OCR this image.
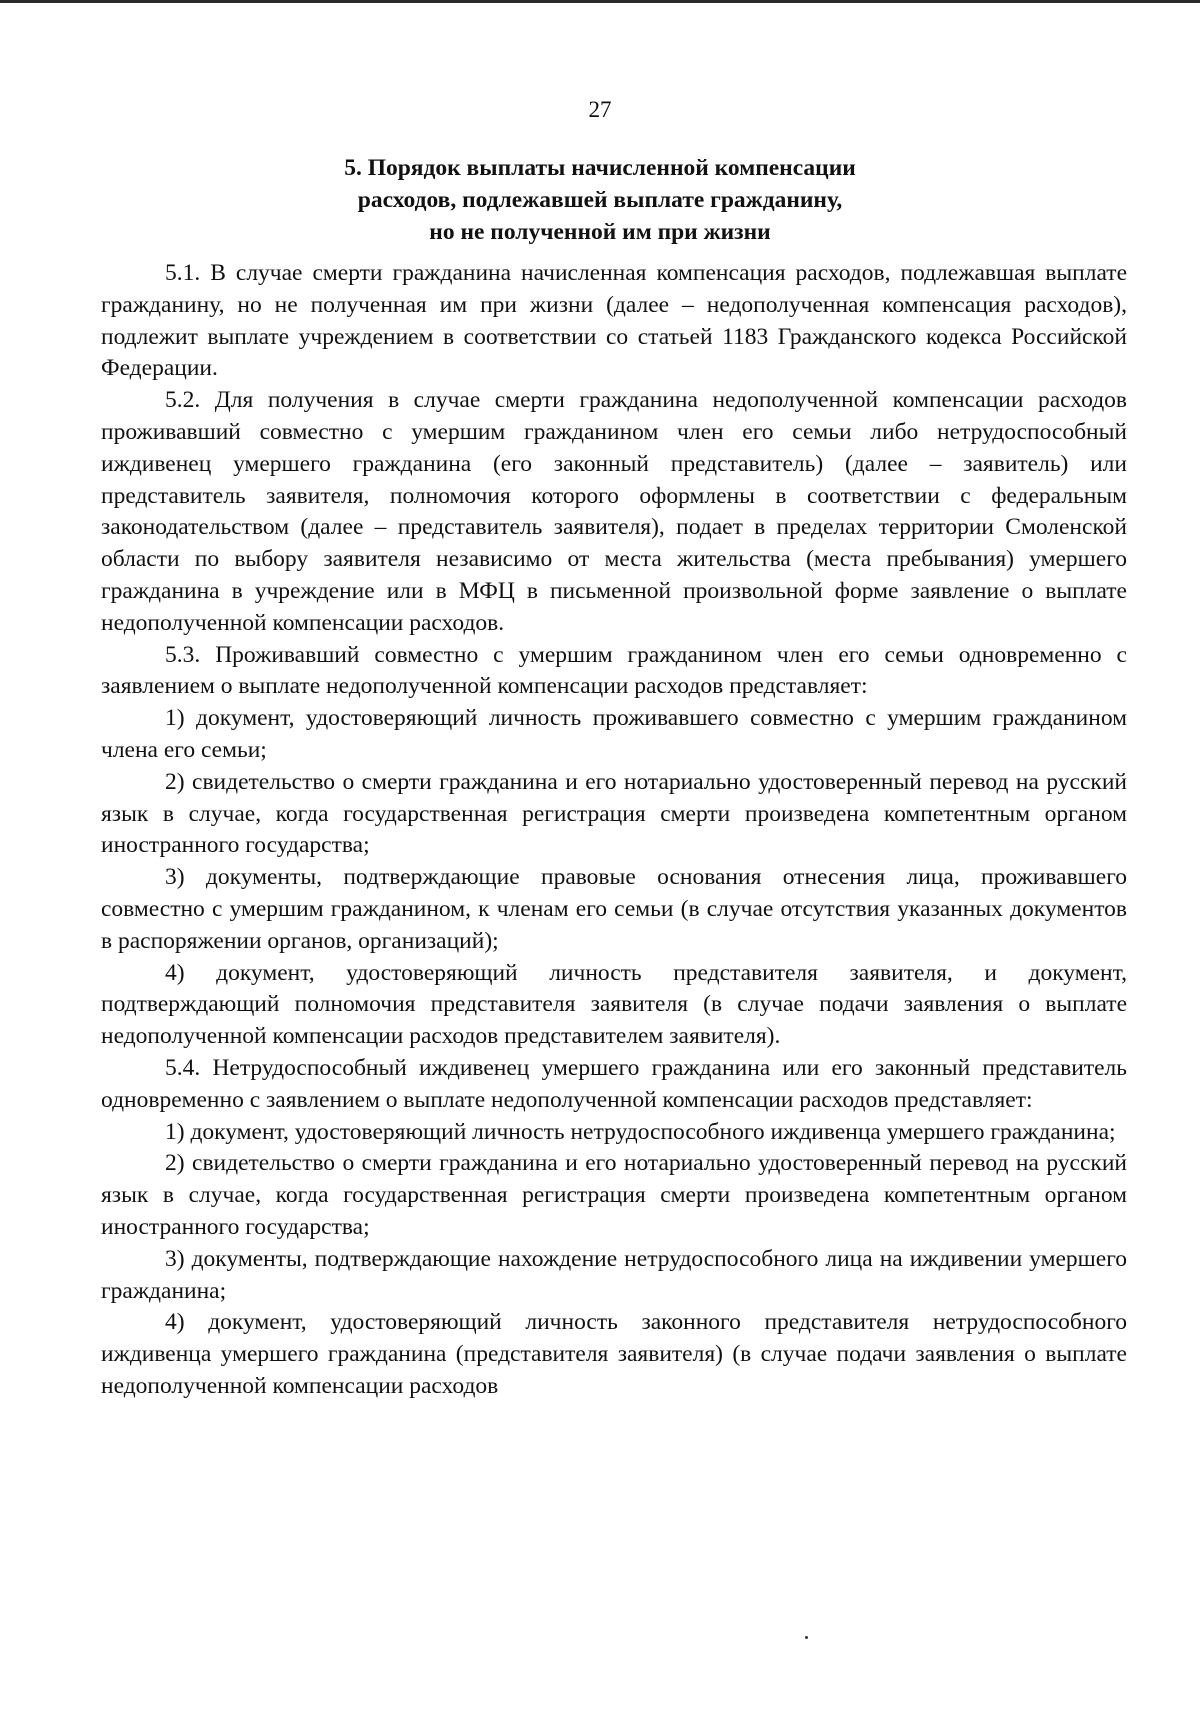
27
5. Порядок выплаты начисленной компенсации
расходов, подлежавшей выплате гражданину,
но не полученной им при жизни

5.1. В случае смерти гражданина начисленная компенсация расходов, подлежавшая выплате гражданину, но не полученная им при жизни (далее – недополученная компенсация расходов), подлежит выплате учреждением в соответствии со статьей 1183 Гражданского кодекса Российской Федерации.

5.2. Для получения в случае смерти гражданина недополученной компенсации расходов проживавший совместно с умершим гражданином член его семьи либо нетрудоспособный иждивенец умершего гражданина (его законный представитель) (далее – заявитель) или представитель заявителя, полномочия которого оформлены в соответствии с федеральным законодательством (далее – представитель заявителя), подает в пределах территории Смоленской области по выбору заявителя независимо от места жительства (места пребывания) умершего гражданина в учреждение или в МФЦ в письменной произвольной форме заявление о выплате недополученной компенсации расходов.

5.3. Проживавший совместно с умершим гражданином член его семьи одновременно с заявлением о выплате недополученной компенсации расходов представляет:

1) документ, удостоверяющий личность проживавшего совместно с умершим гражданином члена его семьи;

2) свидетельство о смерти гражданина и его нотариально удостоверенный перевод на русский язык в случае, когда государственная регистрация смерти произведена компетентным органом иностранного государства;

3) документы, подтверждающие правовые основания отнесения лица, проживавшего совместно с умершим гражданином, к членам его семьи (в случае отсутствия указанных документов в распоряжении органов, организаций);

4) документ, удостоверяющий личность представителя заявителя, и документ, подтверждающий полномочия представителя заявителя (в случае подачи заявления о выплате недополученной компенсации расходов представителем заявителя).

5.4. Нетрудоспособный иждивенец умершего гражданина или его законный представитель одновременно с заявлением о выплате недополученной компенсации расходов представляет:

1) документ, удостоверяющий личность нетрудоспособного иждивенца умершего гражданина;

2) свидетельство о смерти гражданина и его нотариально удостоверенный перевод на русский язык в случае, когда государственная регистрация смерти произведена компетентным органом иностранного государства;

3) документы, подтверждающие нахождение нетрудоспособного лица на иждивении умершего гражданина;

4) документ, удостоверяющий личность законного представителя нетрудоспособного иждивенца умершего гражданина (представителя заявителя) (в случае подачи заявления о выплате недополученной компенсации расходов
